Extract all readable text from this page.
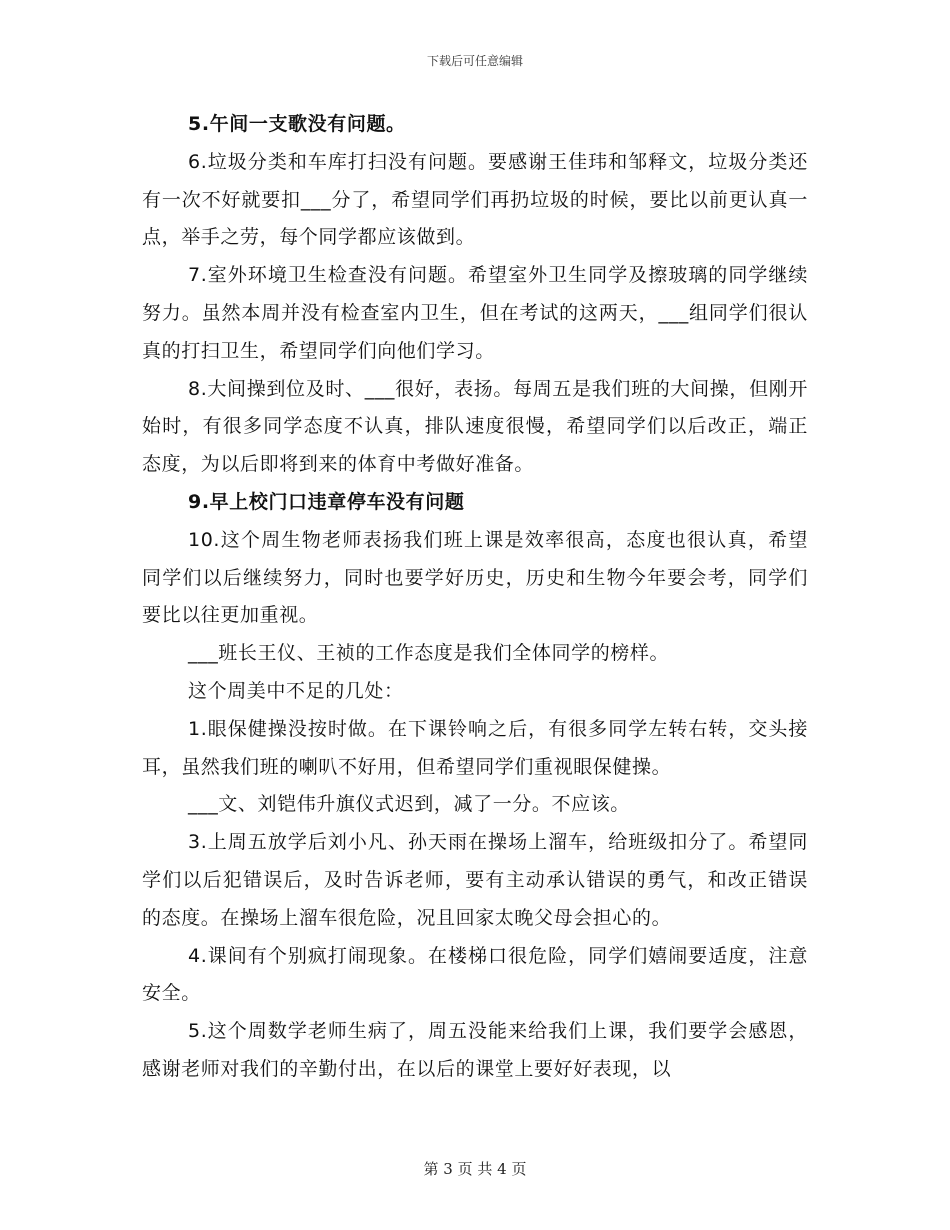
下载后可任意编辑

5.午间一支歌没有问题。

6.垃圾分类和车库打扫没有问题。要感谢王佳玮和邹释文，垃圾分类还有一次不好就要扣___分了，希望同学们再扔垃圾的时候，要比以前更认真一点，举手之劳，每个同学都应该做到。

7.室外环境卫生检查没有问题。希望室外卫生同学及擦玻璃的同学继续努力。虽然本周并没有检查室内卫生，但在考试的这两天，___组同学们很认真的打扫卫生，希望同学们向他们学习。

8.大间操到位及时、___很好，表扬。每周五是我们班的大间操，但刚开始时，有很多同学态度不认真，排队速度很慢，希望同学们以后改正，端正态度，为以后即将到来的体育中考做好准备。

9.早上校门口违章停车没有问题

10.这个周生物老师表扬我们班上课是效率很高，态度也很认真，希望同学们以后继续努力，同时也要学好历史，历史和生物今年要会考，同学们要比以往更加重视。

___班长王仪、王祯的工作态度是我们全体同学的榜样。

这个周美中不足的几处：

1.眼保健操没按时做。在下课铃响之后，有很多同学左转右转，交头接耳，虽然我们班的喇叭不好用，但希望同学们重视眼保健操。

___文、刘铠伟升旗仪式迟到，减了一分。不应该。

3.上周五放学后刘小凡、孙天雨在操场上溜车，给班级扣分了。希望同学们以后犯错误后，及时告诉老师，要有主动承认错误的勇气，和改正错误的态度。在操场上溜车很危险，况且回家太晚父母会担心的。

4.课间有个别疯打闹现象。在楼梯口很危险，同学们嬉闹要适度，注意安全。

5.这个周数学老师生病了，周五没能来给我们上课，我们要学会感恩，感谢老师对我们的辛勤付出，在以后的课堂上要好好表现，以

第 3 页 共 4 页
